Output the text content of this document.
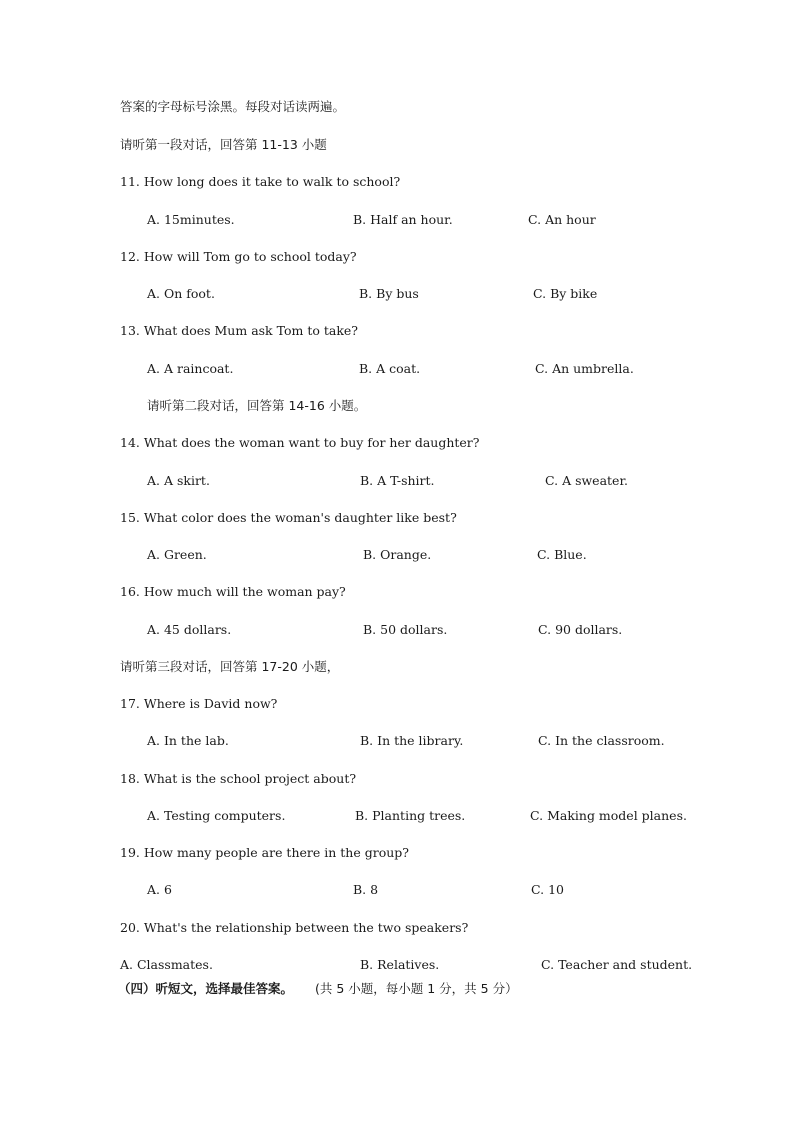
答案的字母标号涂黑。每段对话读两遍。
请听第一段对话，回答第 11-13 小题
11. How long does it take to walk to school?
A. 15minutes.	B. Half an hour.	C. An hour
12. How will Tom go to school today?
A. On foot.	B. By bus	C. By bike
13. What does Mum ask Tom to take?
A. A raincoat.	B. A coat.	C. An umbrella.
请听第二段对话，回答第 14-16 小题。
14. What does the woman want to buy for her daughter?
A. A skirt.	B. A T-shirt.	C. A sweater.
15. What color does the woman's daughter like best?
A. Green.	B. Orange.	C. Blue.
16. How much will the woman pay?
A. 45 dollars.	B. 50 dollars.	C. 90 dollars.
请听第三段对话，回答第 17-20 小题，
17. Where is David now?
A. In the lab.	B. In the library.	C. In the classroom.
18. What is the school project about?
A. Testing computers.	B. Planting trees.	C. Making model planes.
19. How many people are there in the group?
A. 6	B. 8	C. 10
20. What's the relationship between the two speakers?
A. Classmates.	B. Relatives.	C. Teacher and student.
（四）听短文，选择最佳答案。 (共 5 小题，每小题 1 分，共 5 分）
